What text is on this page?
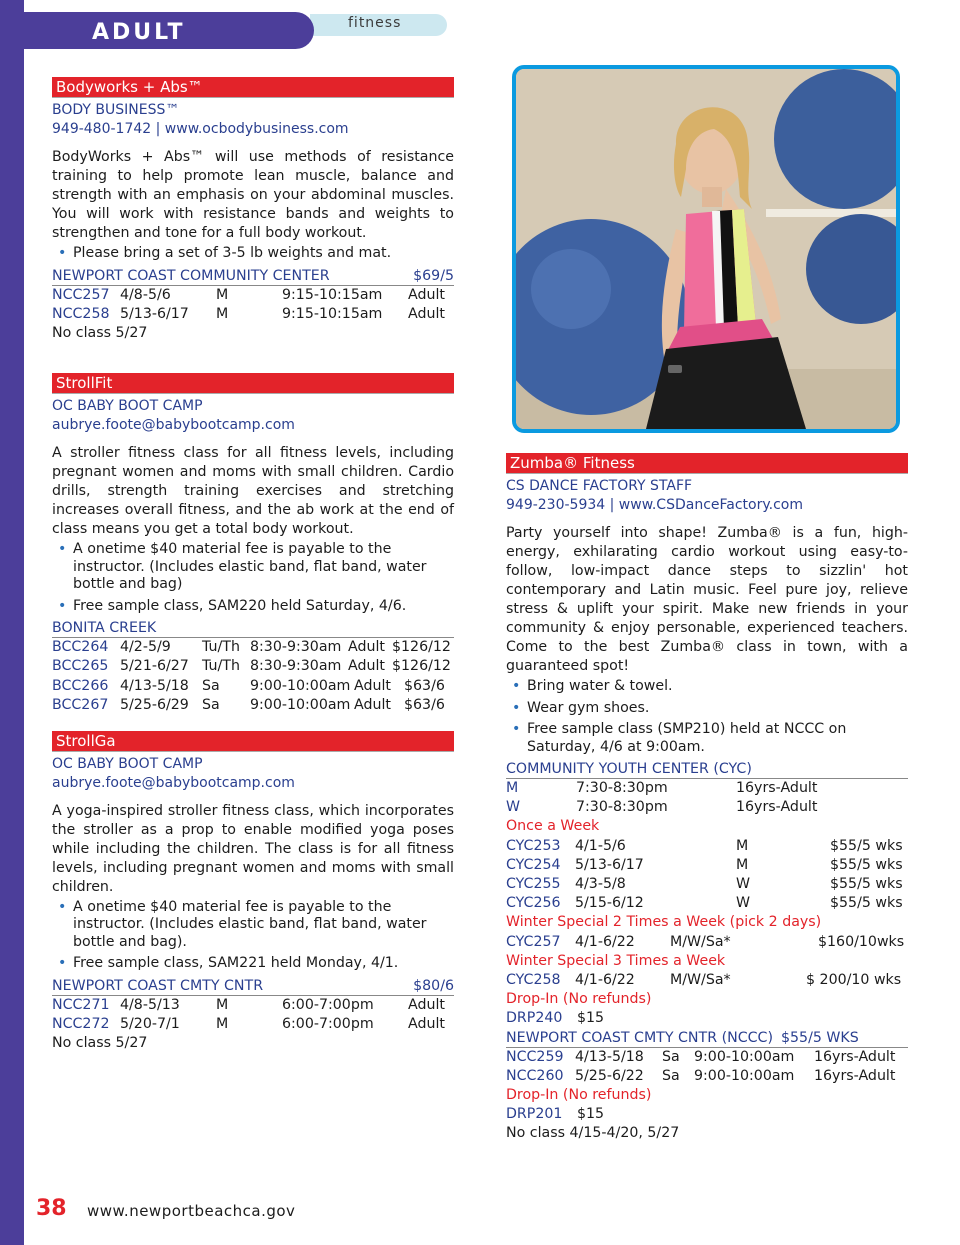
ADULT	fitness
Bodyworks + Abs™
BODY BUSINESS™
949-480-1742 | www.ocbodybusiness.com
BodyWorks + Abs™ will use methods of resistance training to help promote lean muscle, balance and strength with an emphasis on your abdominal muscles. You will work with resistance bands and weights to strengthen and tone for a full body workout.
• Please bring a set of 3-5 lb weights and mat.
NEWPORT COAST COMMUNITY CENTER	$69/5
NCC257 4/8-5/6	M	9:15-10:15am	Adult
NCC258 5/13-6/17	M	9:15-10:15am	Adult
No class 5/27
StrollFit
OC BABY BOOT CAMP
aubrye.foote@babybootcamp.com
A stroller fitness class for all fitness levels, including pregnant women and moms with small children. Cardio drills, strength training exercises and stretching increases overall fitness, and the ab work at the end of class means you get a total body workout.
• A onetime $40 material fee is payable to the instructor. (Includes elastic band, flat band, water bottle and bag)
• Free sample class, SAM220 held Saturday, 4/6.
BONITA CREEK
BCC264 4/2-5/9	Tu/Th 8:30-9:30am Adult $126/12
BCC265 5/21-6/27 Tu/Th 8:30-9:30am Adult $126/12
BCC266 4/13-5/18 Sa	9:00-10:00am Adult $63/6
BCC267 5/25-6/29 Sa	9:00-10:00am Adult $63/6
StrollGa
OC BABY BOOT CAMP
aubrye.foote@babybootcamp.com
A yoga-inspired stroller fitness class, which incorporates the stroller as a prop to enable modified yoga poses while including the children. The class is for all fitness levels, including pregnant women and moms with small children.
• A onetime $40 material fee is payable to the instructor. (Includes elastic band, flat band, water bottle and bag).
• Free sample class, SAM221 held Monday, 4/1.
NEWPORT COAST CMTY CNTR	$80/6
NCC271 4/8-5/13	M	6:00-7:00pm	Adult
NCC272 5/20-7/1	M	6:00-7:00pm	Adult
No class 5/27
Zumba® Fitness
CS DANCE FACTORY STAFF
949-230-5934 | www.CSDanceFactory.com
Party yourself into shape! Zumba® is a fun, high-energy, exhilarating cardio workout using easy-to-follow, low-impact dance steps to sizzlin' hot contemporary and Latin music. Feel pure joy, relieve stress & uplift your spirit. Make new friends in your community & enjoy personable, experienced teachers. Come to the best Zumba® class in town, with a guaranteed spot!
• Bring water & towel.
• Wear gym shoes.
• Free sample class (SMP210) held at NCCC on Saturday, 4/6 at 9:00am.
COMMUNITY YOUTH CENTER (CYC)
M	7:30-8:30pm	16yrs-Adult
W	7:30-8:30pm	16yrs-Adult
Once a Week
CYC253	4/1-5/6	M	$55/5 wks
CYC254	5/13-6/17	M	$55/5 wks
CYC255	4/3-5/8	W	$55/5 wks
CYC256	5/15-6/12	W	$55/5 wks
Winter Special 2 Times a Week (pick 2 days)
CYC257	4/1-6/22	M/W/Sa*	$160/10wks
Winter Special 3 Times a Week
CYC258	4/1-6/22	M/W/Sa*	$ 200/10 wks
Drop-In (No refunds)
DRP240	$15
NEWPORT COAST CMTY CNTR (NCCC) $55/5 WKS
NCC259 4/13-5/18	Sa	9:00-10:00am	16yrs-Adult
NCC260 5/25-6/22	Sa	9:00-10:00am	16yrs-Adult
Drop-In (No refunds)
DRP201	$15
No class 4/15-4/20, 5/27
38 www.newportbeachca.gov
